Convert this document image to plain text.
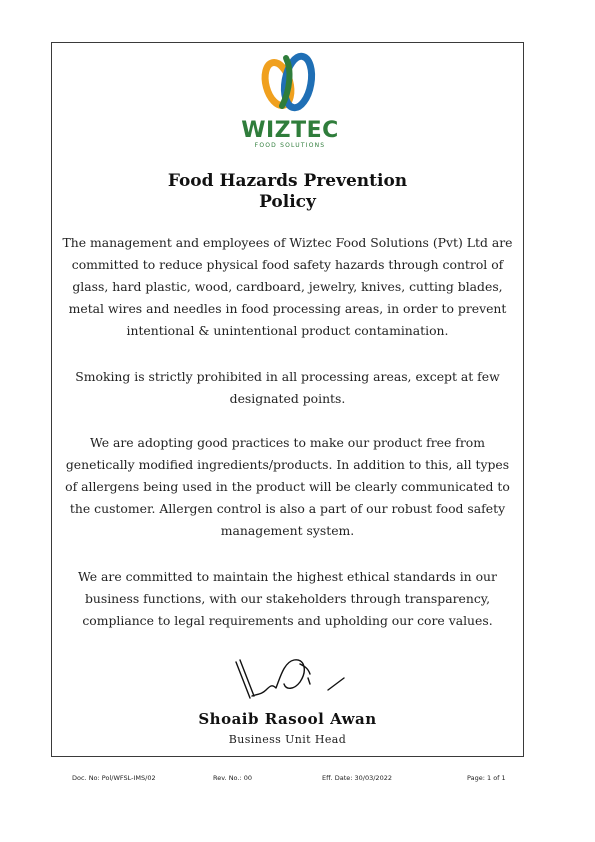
WIZTEC
FOOD SOLUTIONS
Food Hazards Prevention
Policy
The management and employees of Wiztec Food Solutions (Pvt) Ltd are committed to reduce physical food safety hazards through control of glass, hard plastic, wood, cardboard, jewelry, knives, cutting blades, metal wires and needles in food processing areas, in order to prevent intentional & unintentional product contamination.
Smoking is strictly prohibited in all processing areas, except at few designated points.
We are adopting good practices to make our product free from genetically modified ingredients/products. In addition to this, all types of allergens being used in the product will be clearly communicated to the customer. Allergen control is also a part of our robust food safety management system.
We are committed to maintain the highest ethical standards in our business functions, with our stakeholders through transparency, compliance to legal requirements and upholding our core values.
Shoaib Rasool Awan
Business Unit Head
Doc. No: Pol/WFSL-IMS/02	Rev. No.: 00	Eff. Date: 30/03/2022	Page: 1 of 1
